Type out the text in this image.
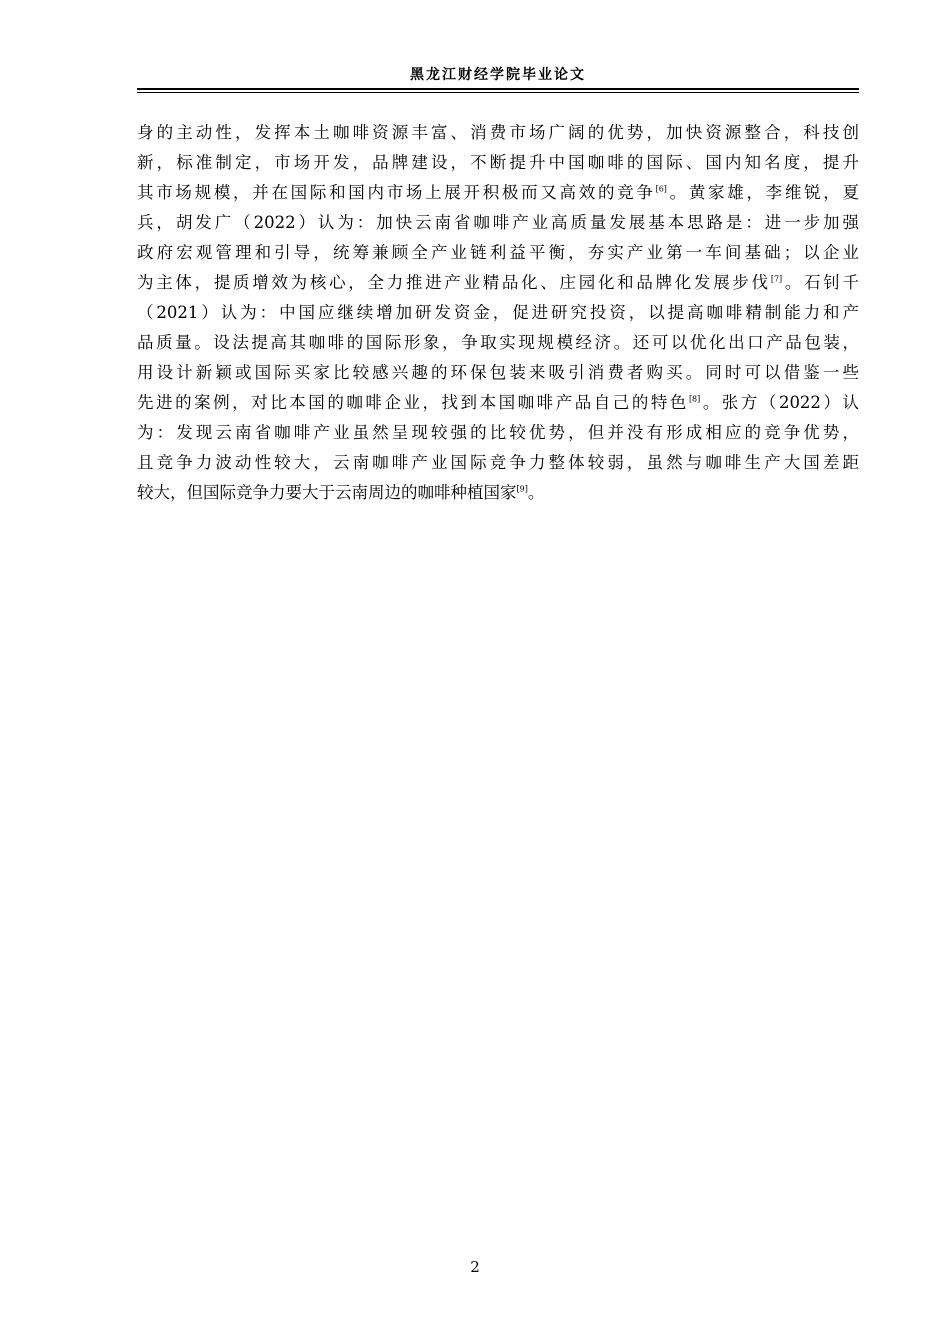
黑龙江财经学院毕业论文
身的主动性，发挥本土咖啡资源丰富、消费市场广阔的优势，加快资源整合，科技创
新，标准制定，市场开发，品牌建设，不断提升中国咖啡的国际、国内知名度，提升
其市场规模，并在国际和国内市场上展开积极而又高效的竞争[6]。黄家雄，李维锐，夏
兵，胡发广（2022）认为：加快云南省咖啡产业高质量发展基本思路是：进一步加强
政府宏观管理和引导，统筹兼顾全产业链利益平衡，夯实产业第一车间基础；以企业
为主体，提质增效为核心，全力推进产业精品化、庄园化和品牌化发展步伐[7]。石钊千
（2021）认为：中国应继续增加研发资金，促进研究投资，以提高咖啡精制能力和产
品质量。设法提高其咖啡的国际形象，争取实现规模经济。还可以优化出口产品包装，
用设计新颖或国际买家比较感兴趣的环保包装来吸引消费者购买。同时可以借鉴一些
先进的案例，对比本国的咖啡企业，找到本国咖啡产品自己的特色[8]。张方（2022）认
为：发现云南省咖啡产业虽然呈现较强的比较优势，但并没有形成相应的竞争优势，
且竞争力波动性较大，云南咖啡产业国际竞争力整体较弱，虽然与咖啡生产大国差距
较大，但国际竞争力要大于云南周边的咖啡种植国家[9]。
2
